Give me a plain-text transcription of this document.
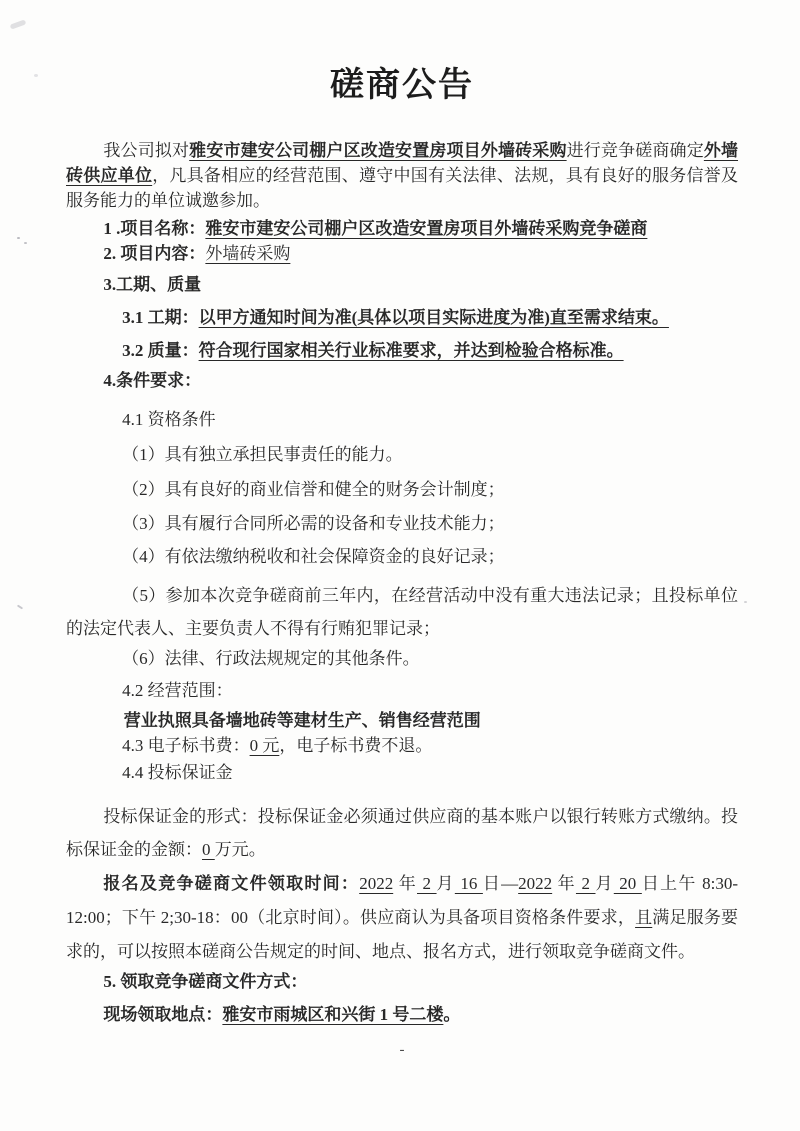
磋商公告

我公司拟对雅安市建安公司棚户区改造安置房项目外墙砖采购进行竞争磋商确定外墙砖供应单位，凡具备相应的经营范围、遵守中国有关法律、法规，具有良好的服务信誉及服务能力的单位诚邀参加。

1 .项目名称：雅安市建安公司棚户区改造安置房项目外墙砖采购竞争磋商

2. 项目内容：外墙砖采购

3.工期、质量

3.1 工期：以甲方通知时间为准(具体以项目实际进度为准)直至需求结束。

3.2 质量：符合现行国家相关行业标准要求，并达到检验合格标准。

4.条件要求：

4.1 资格条件

（1）具有独立承担民事责任的能力。

（2）具有良好的商业信誉和健全的财务会计制度；

（3）具有履行合同所必需的设备和专业技术能力；

（4）有依法缴纳税收和社会保障资金的良好记录；

（5）参加本次竞争磋商前三年内，在经营活动中没有重大违法记录；且投标单位的法定代表人、主要负责人不得有行贿犯罪记录；

（6）法律、行政法规规定的其他条件。

4.2 经营范围：

营业执照具备墙地砖等建材生产、销售经营范围

4.3 电子标书费：0 元，电子标书费不退。

4.4 投标保证金

投标保证金的形式：投标保证金必须通过供应商的基本账户以银行转账方式缴纳。投标保证金的金额：0 万元。

报名及竞争磋商文件领取时间：2022 年 2 月 16 日—2022 年 2 月 20 日上午 8:30-12:00；下午 2;30-18：00（北京时间）。供应商认为具备项目资格条件要求，且满足服务要求的，可以按照本磋商公告规定的时间、地点、报名方式，进行领取竞争磋商文件。

5. 领取竞争磋商文件方式：

现场领取地点：雅安市雨城区和兴街 1 号二楼。

-
